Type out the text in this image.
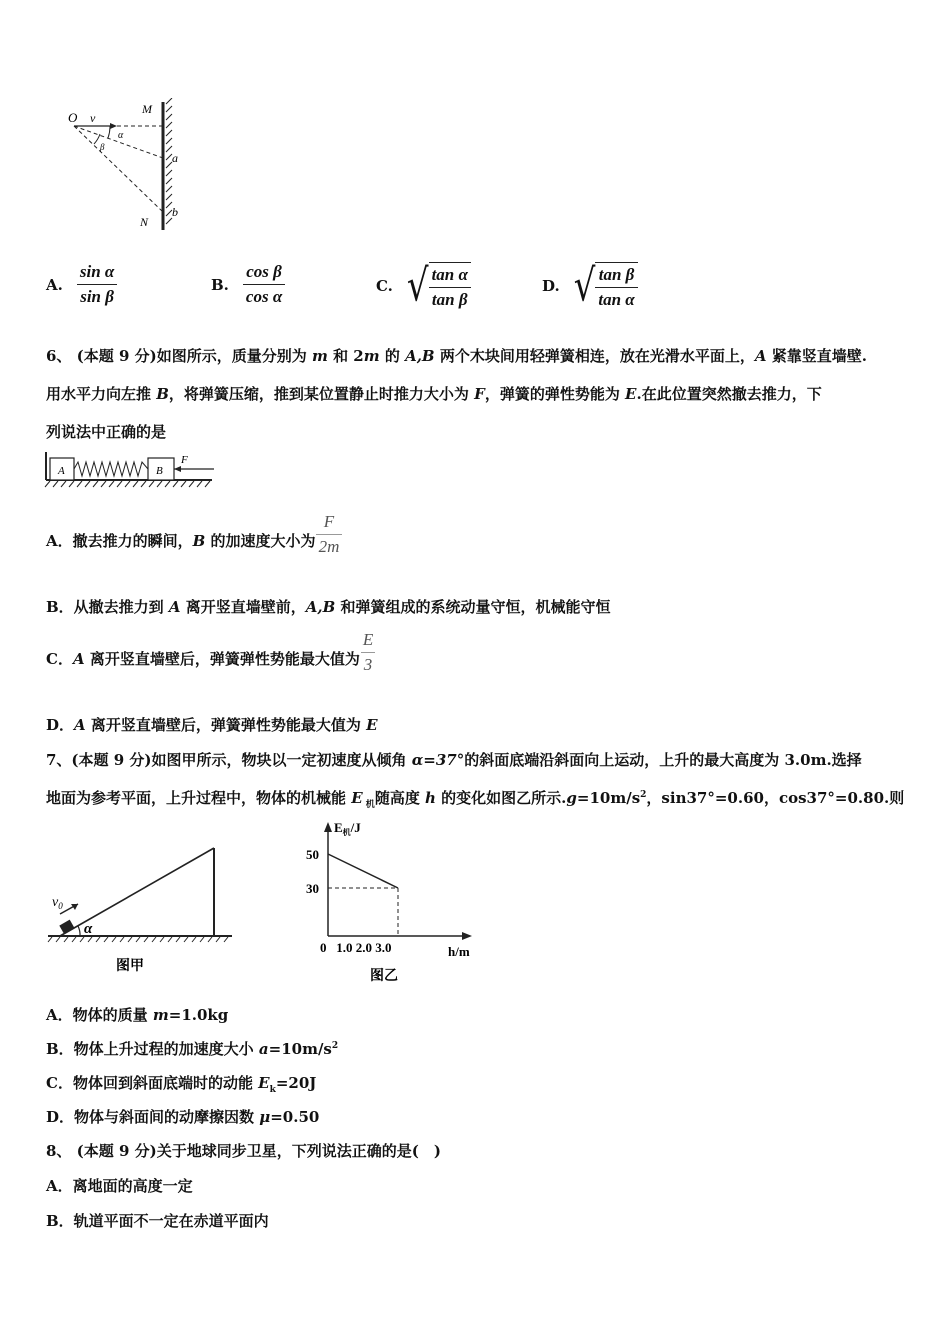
O v
M
α
β
a
N
b
A. $\frac{\text{sin α}}{\text{sin β}}$	B. $\frac{\text{cos β}}{\text{cos α}}$	C. √ $\frac{\text{tan α}}{\text{tan β}}$	D. √ $\frac{\text{tan β}}{\text{tan α}}$
6、 (本题 9 分)如图所示，质量分别为 m 和 2m 的 A,B 两个木块间用轻弹簧相连，放在光滑水平面上，A 紧靠竖直墙壁.
用水平力向左推 B，将弹簧压缩，推到某位置静止时推力大小为 F，弹簧的弹性势能为 E.在此位置突然撤去推力，下
列说法中正确的是
A	B
F
A．撤去推力的瞬间，B 的加速度大小为 $\frac{F}{2m}$
B．从撤去推力到 A 离开竖直墙壁前，A,B 和弹簧组成的系统动量守恒，机械能守恒
C．A 离开竖直墙壁后，弹簧弹性势能最大值为 $\frac{E}{3}$
D．A 离开竖直墙壁后，弹簧弹性势能最大值为 E
7、(本题 9 分)如图甲所示，物块以一定初速度从倾角 α=37°的斜面底端沿斜面向上运动，上升的最大高度为 3.0m.选择
地面为参考平面，上升过程中，物体的机械能 E $_机$随高度 h 的变化如图乙所示$.g=10m/s^2$，sin37°=0.60，cos37°=0.80.则
$v_0$
α
图甲
$E_机/J$
50
30
0   1.0 2.0 3.0	h/m
图乙
A．物体的质量 m=1.0kg
B．物体上升过程的加速度大小 $a=10m/s^2$
C．物体回到斜面底端时的动能 $E_k=20J$
D．物体与斜面间的动摩擦因数 μ=0.50
8、 (本题 9 分)关于地球同步卫星，下列说法正确的是(　)
A．离地面的高度一定
B．轨道平面不一定在赤道平面内
